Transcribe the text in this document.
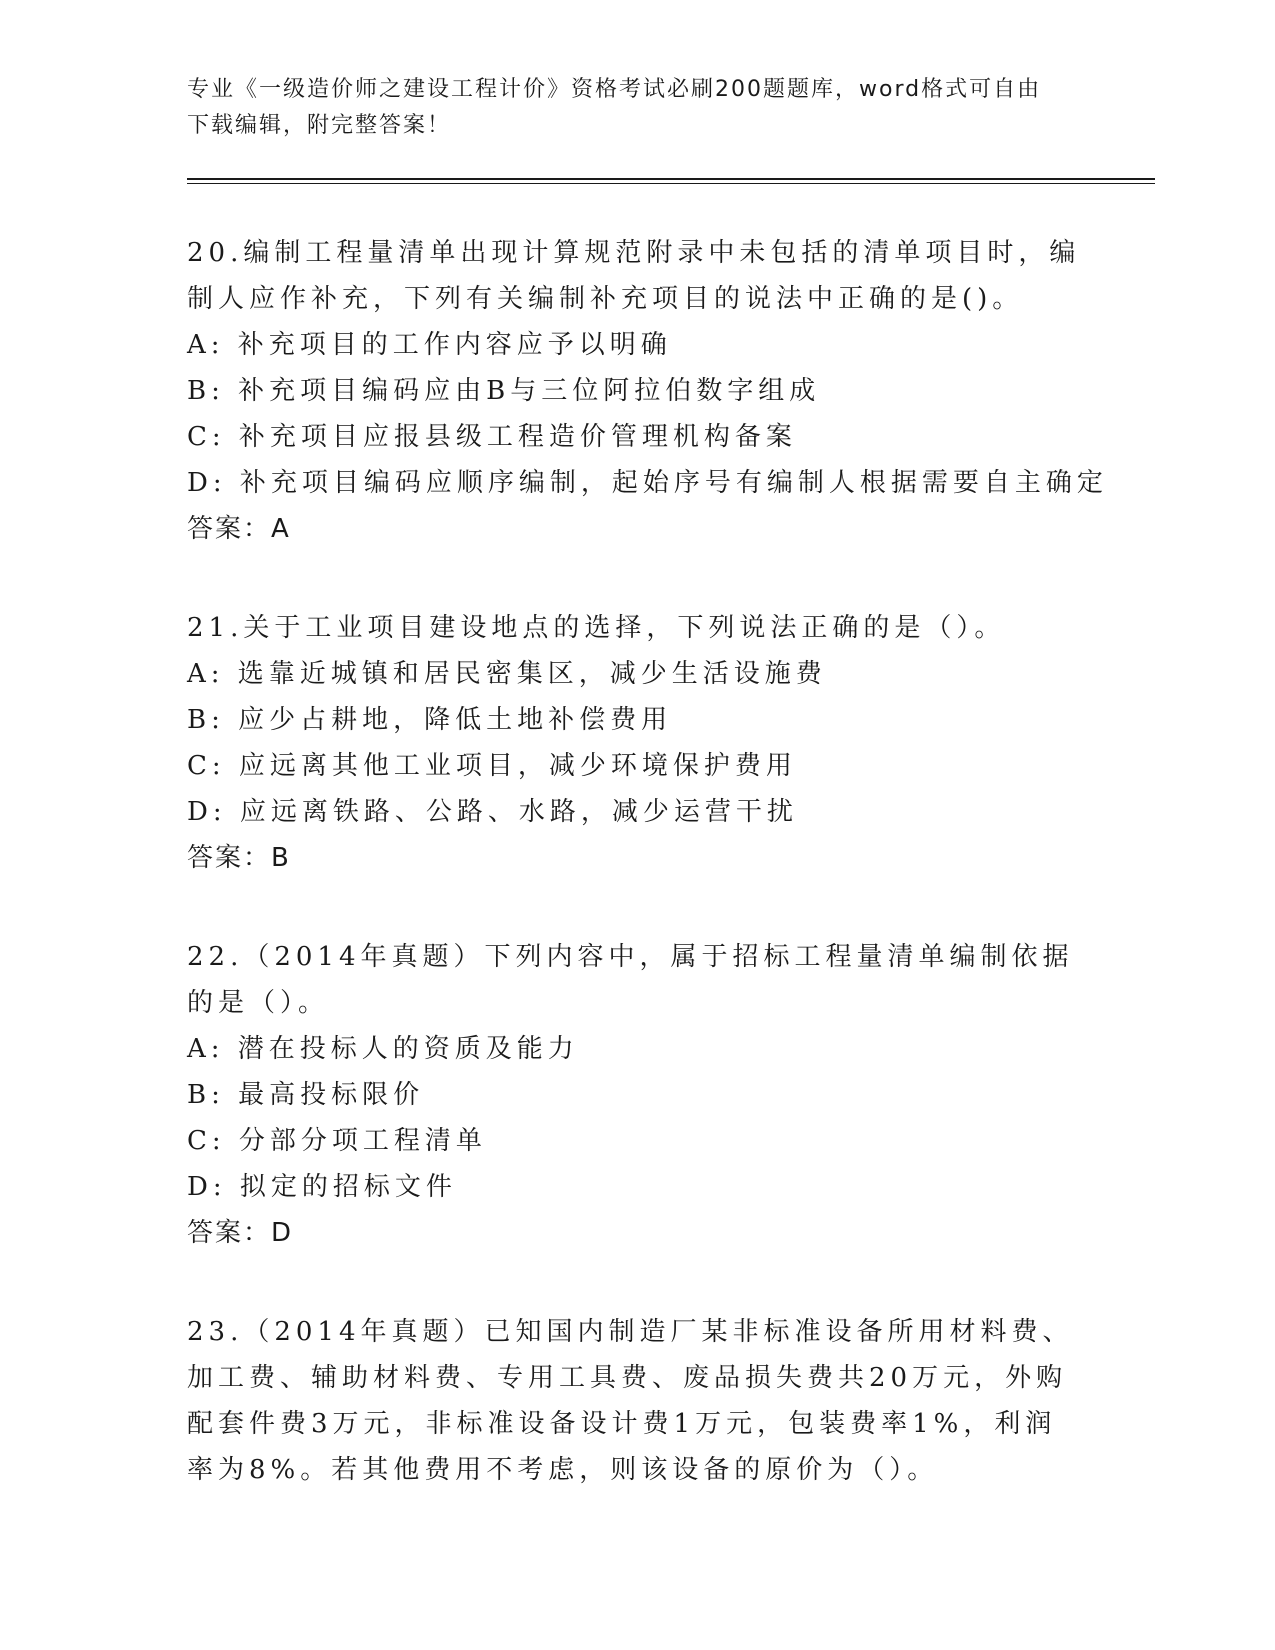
专业《一级造价师之建设工程计价》资格考试必刷200题题库，word格式可自由
下载编辑，附完整答案！

20.编制工程量清单出现计算规范附录中未包括的清单项目时，编制人应作补充，下列有关编制补充项目的说法中正确的是()。

A: 补充项目的工作内容应予以明确

B: 补充项目编码应由B与三位阿拉伯数字组成

C: 补充项目应报县级工程造价管理机构备案

D: 补充项目编码应顺序编制，起始序号有编制人根据需要自主确定

答案：A

21.关于工业项目建设地点的选择，下列说法正确的是（）。

A: 选靠近城镇和居民密集区，减少生活设施费

B: 应少占耕地，降低土地补偿费用

C: 应远离其他工业项目，减少环境保护费用

D: 应远离铁路、公路、水路，减少运营干扰

答案：B

22.（2014年真题）下列内容中，属于招标工程量清单编制依据的是（）。

A: 潜在投标人的资质及能力

B: 最高投标限价

C: 分部分项工程清单

D: 拟定的招标文件

答案：D

23.（2014年真题）已知国内制造厂某非标准设备所用材料费、加工费、辅助材料费、专用工具费、废品损失费共20万元，外购配套件费3万元，非标准设备设计费1万元，包装费率1%，利润率为8%。若其他费用不考虑，则该设备的原价为（）。
